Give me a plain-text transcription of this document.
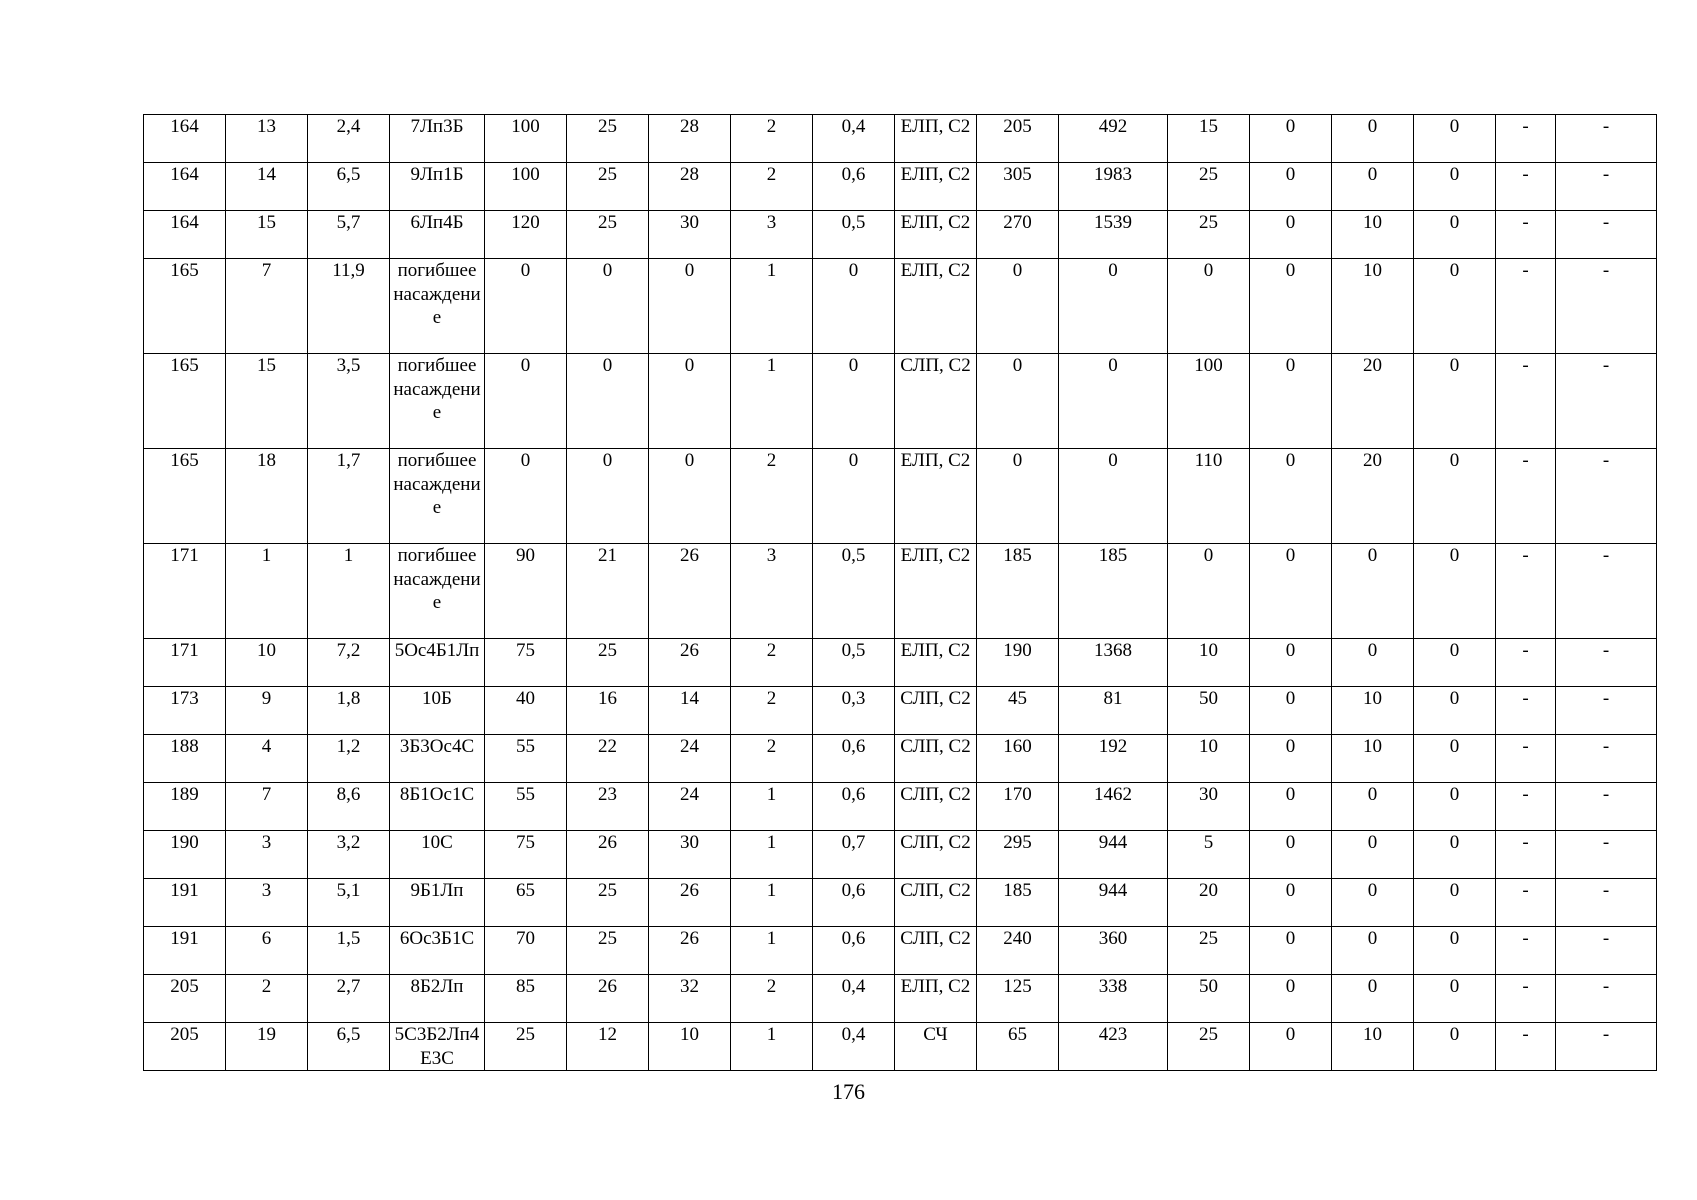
164	13	2,4	7Лп3Б	100	25	28	2	0,4	ЕЛП, С2	205	492	15	0	0	0	-	-
164	14	6,5	9Лп1Б	100	25	28	2	0,6	ЕЛП, С2	305	1983	25	0	0	0	-	-
164	15	5,7	6Лп4Б	120	25	30	3	0,5	ЕЛП, С2	270	1539	25	0	10	0	-	-
165	7	11,9	погибшее насаждение	0	0	0	1	0	ЕЛП, С2	0	0	0	0	10	0	-	-
165	15	3,5	погибшее насаждение	0	0	0	1	0	СЛП, С2	0	0	100	0	20	0	-	-
165	18	1,7	погибшее насаждение	0	0	0	2	0	ЕЛП, С2	0	0	110	0	20	0	-	-
171	1	1	погибшее насаждение	90	21	26	3	0,5	ЕЛП, С2	185	185	0	0	0	0	-	-
171	10	7,2	5Ос4Б1Лп	75	25	26	2	0,5	ЕЛП, С2	190	1368	10	0	0	0	-	-
173	9	1,8	10Б	40	16	14	2	0,3	СЛП, С2	45	81	50	0	10	0	-	-
188	4	1,2	3Б3Ос4С	55	22	24	2	0,6	СЛП, С2	160	192	10	0	10	0	-	-
189	7	8,6	8Б1Ос1С	55	23	24	1	0,6	СЛП, С2	170	1462	30	0	0	0	-	-
190	3	3,2	10С	75	26	30	1	0,7	СЛП, С2	295	944	5	0	0	0	-	-
191	3	5,1	9Б1Лп	65	25	26	1	0,6	СЛП, С2	185	944	20	0	0	0	-	-
191	6	1,5	6Ос3Б1С	70	25	26	1	0,6	СЛП, С2	240	360	25	0	0	0	-	-
205	2	2,7	8Б2Лп	85	26	32	2	0,4	ЕЛП, С2	125	338	50	0	0	0	-	-
205	19	6,5	5С3Б2Лп4Е3С	25	12	10	1	0,4	СЧ	65	423	25	0	10	0	-	-
176
